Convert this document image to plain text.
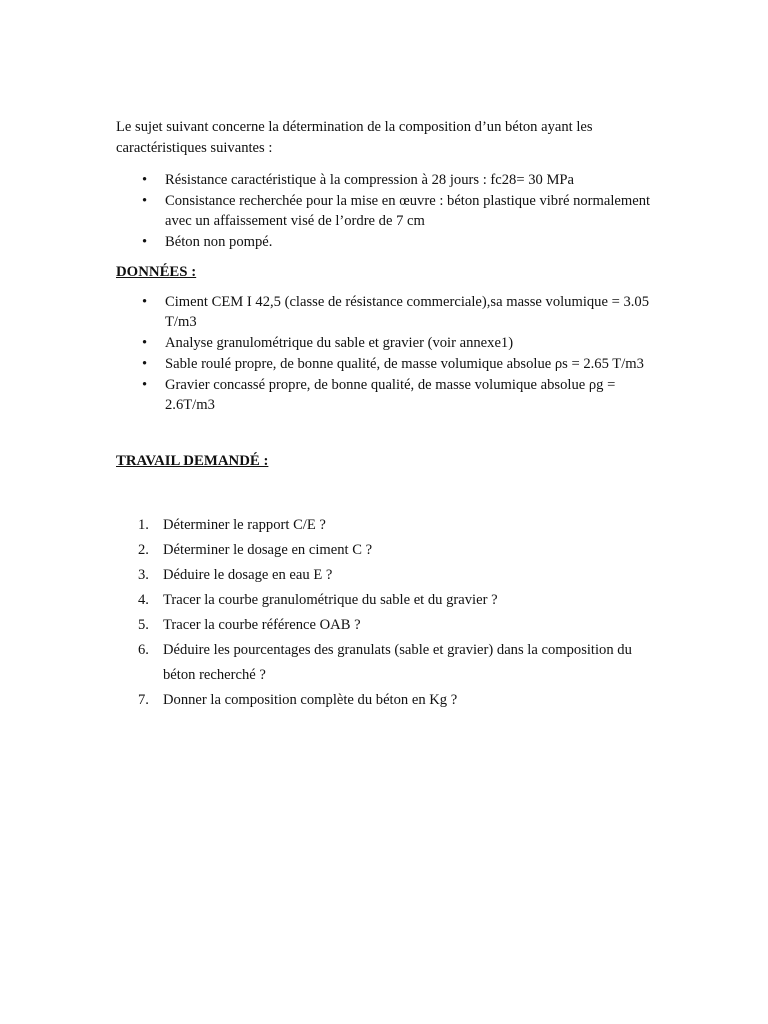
Le sujet suivant concerne la détermination de la composition d’un béton ayant les
caractéristiques suivantes :
• Résistance caractéristique à la compression à 28 jours : fc28= 30 MPa
• Consistance recherchée pour la mise en œuvre : béton plastique vibré normalement avec un affaissement visé de l’ordre de 7 cm
• Béton non pompé.
DONNÉES :
• Ciment CEM I 42,5 (classe de résistance commerciale),sa masse volumique = 3.05 T/m3
• Analyse granulométrique du sable et gravier (voir annexe1)
• Sable roulé propre, de bonne qualité, de masse volumique absolue ρs = 2.65 T/m3
• Gravier concassé propre, de bonne qualité, de masse volumique absolue ρg = 2.6T/m3
TRAVAIL DEMANDÉ :
1. Déterminer le rapport C/E ?
2. Déterminer le dosage en ciment C ?
3. Déduire le dosage en eau E ?
4. Tracer la courbe granulométrique du sable et du gravier ?
5. Tracer la courbe référence OAB ?
6. Déduire les pourcentages des granulats (sable et gravier) dans la composition du béton recherché ?
7. Donner la composition complète du béton en Kg ?
